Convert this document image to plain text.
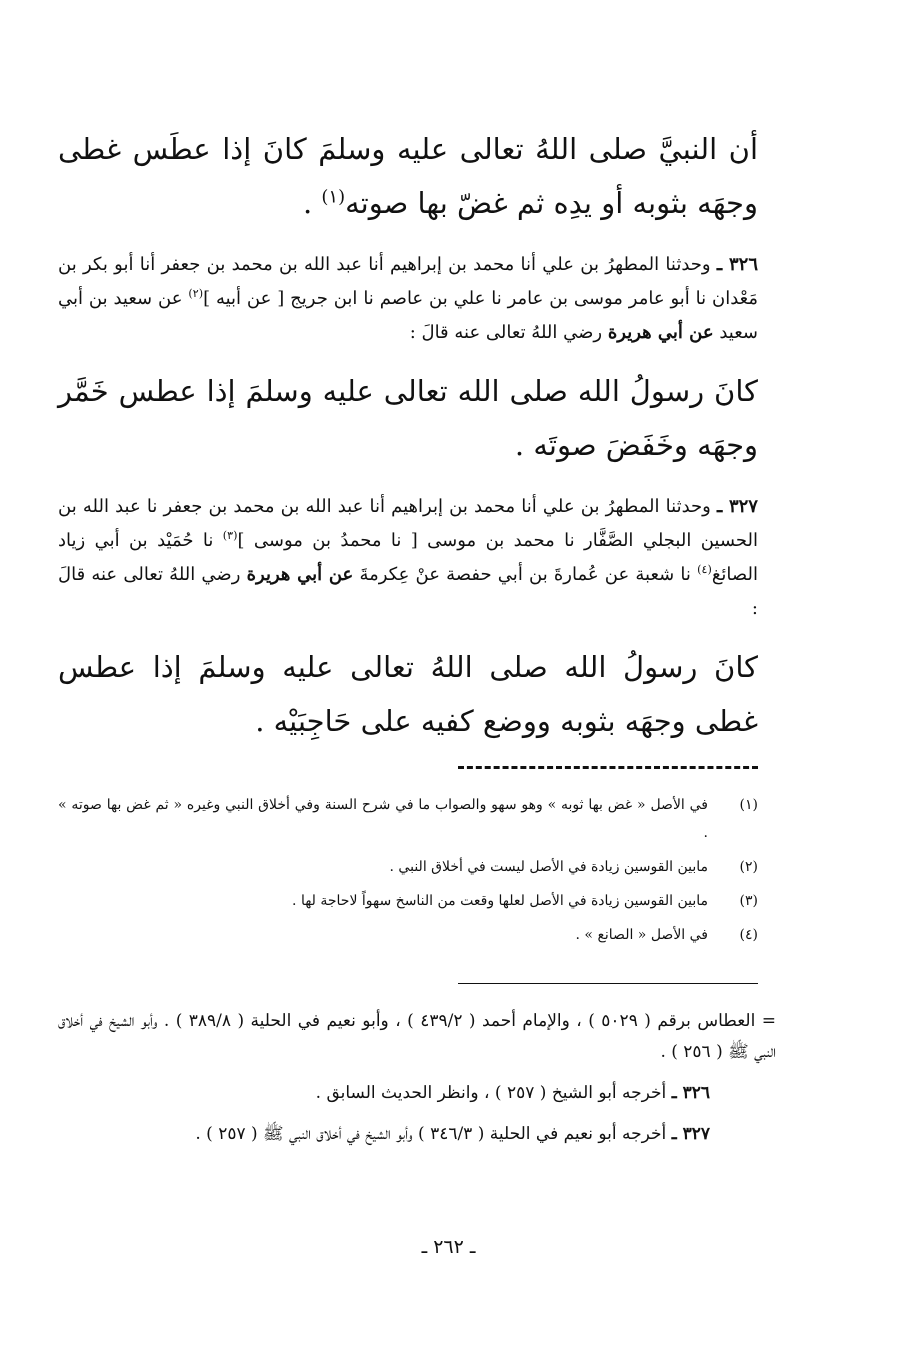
أن النبيَّ صلى اللهُ تعالى عليه وسلمَ كانَ إذا عطَس غطى وجهَه بثوبه أو يدِه ثم غضّ بها صوته$^{(١)}$ .

٣٢٦ ـ وحدثنا المطهرُ بن علي أنا محمد بن إبراهيم أنا عبد الله بن محمد بن جعفر أنا أبو بكر بن مَعْدان نا أبو عامر موسى بن عامر نا علي بن عاصم نا ابن جريج [ عن أبيه ]$^{(٢)}$ عن سعيد بن أبي سعيد عن أبي هريرة رضي اللهُ تعالى عنه قالَ :

كانَ رسولُ الله صلى الله تعالى عليه وسلمَ إذا عطس خَمَّر وجهَه وخَفَضَ صوتَه .

٣٢٧ ـ وحدثنا المطهرُ بن علي أنا محمد بن إبراهيم أنا عبد الله بن محمد بن جعفر نا عبد الله بن الحسين البجلي الصَّفَّار نا محمد بن موسى [ نا محمدُ بن موسى ]$^{(٣)}$ نا حُمَيْد بن أبي زياد الصائغ$^{(٤)}$ نا شعبة عن عُمارةَ بن أبي حفصة عنْ عِكرمةَ عن أبي هريرة رضي اللهُ تعالى عنه قالَ :

كانَ رسولُ الله صلى اللهُ تعالى عليه وسلمَ إذا عطس غطى وجهَه بثوبه ووضع كفيه على حَاجِبَيْه .

(١)
في الأصل « غض بها ثوبه » وهو سهو والصواب ما في شرح السنة وفي أخلاق النبي وغيره « ثم غض بها صوته » .
(٢)
مابين القوسين زيادة في الأصل ليست في أخلاق النبي .
(٣)
مابين القوسين زيادة في الأصل لعلها وقعت من الناسخ سهواً لاحاجة لها .
(٤)
في الأصل « الصانع » .

= العطاس برقم ( ٥٠٢٩ ) ، والإمام أحمد ( ٤٣٩/٢ ) ، وأبو نعيم في الحلية ( ٣٨٩/٨ ) . وأبو الشيخ في أخلاق النبي ﷺ ( ٢٥٦ ) .

٣٢٦ ـ أخرجه أبو الشيخ ( ٢٥٧ ) ، وانظر الحديث السابق .

٣٢٧ ـ أخرجه أبو نعيم في الحلية ( ٣٤٦/٣ ) وأبو الشيخ في أخلاق النبي ﷺ ( ٢٥٧ ) .

ـ ٢٦٢ ـ
